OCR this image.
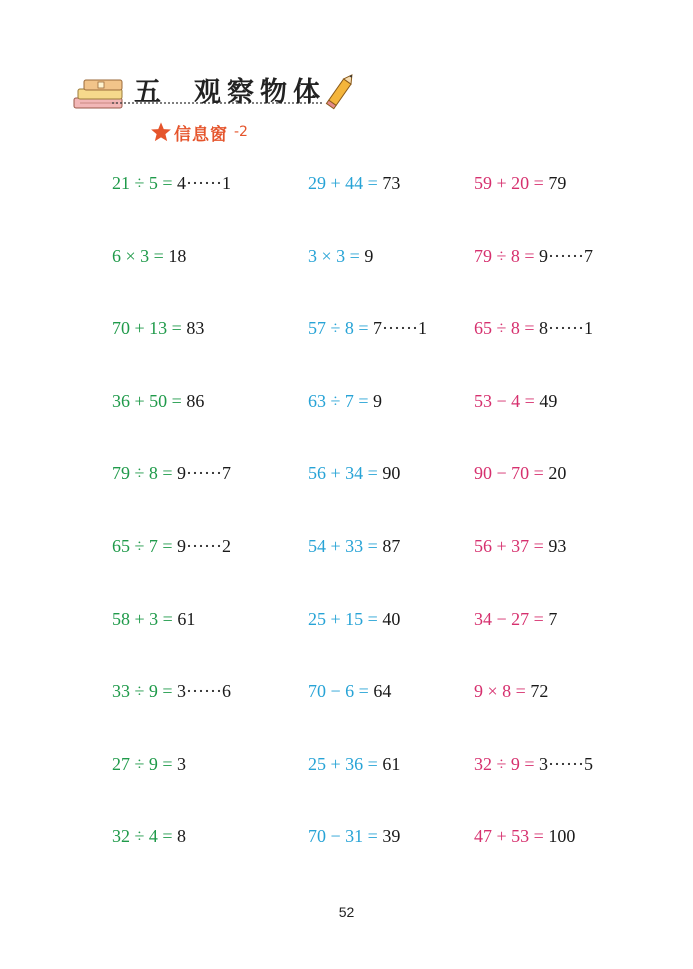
五 观察物体
信息窗 -2
21 ÷ 5 = 4······1
6 × 3 = 18
70 + 13 = 83
36 + 50 = 86
79 ÷ 8 = 9······7
65 ÷ 7 = 9······2
58 + 3 = 61
33 ÷ 9 = 3······6
27 ÷ 9 = 3
32 ÷ 4 = 8
29 + 44 = 73
3 × 3 = 9
57 ÷ 8 = 7······1
63 ÷ 7 = 9
56 + 34 = 90
54 + 33 = 87
25 + 15 = 40
70 − 6 = 64
25 + 36 = 61
70 − 31 = 39
59 + 20 = 79
79 ÷ 8 = 9······7
65 ÷ 8 = 8······1
53 − 4 = 49
90 − 70 = 20
56 + 37 = 93
34 − 27 = 7
9 × 8 = 72
32 ÷ 9 = 3······5
47 + 53 = 100
52
